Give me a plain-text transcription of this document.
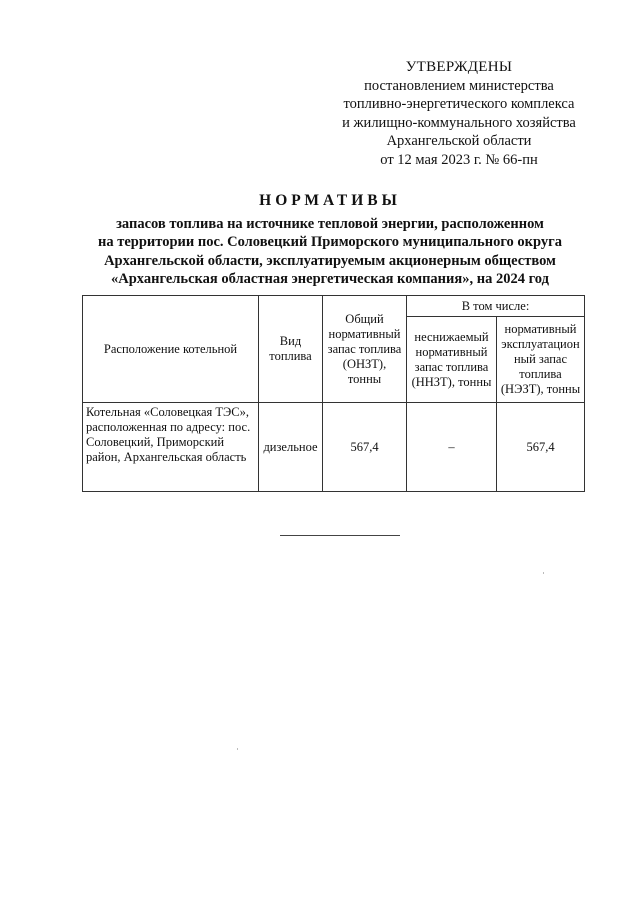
УТВЕРЖДЕНЫ
постановлением министерства
топливно-энергетического комплекса
и жилищно-коммунального хозяйства
Архангельской области
от 12 мая 2023 г. № 66-пн
НОРМАТИВЫ
запасов топлива на источнике тепловой энергии, расположенном
на территории пос. Соловецкий Приморского муниципального округа
Архангельской области, эксплуатируемым акционерным обществом
«Архангельская областная энергетическая компания», на 2024 год
Расположение котельной	Вид топлива	Общий нормативный запас топлива (ОНЗТ), тонны	В том числе:	
			неснижаемый нормативный запас топлива (ННЗТ), тонны	нормативный эксплуатацион ный запас топлива (НЭЗТ), тонны
Котельная «Соловецкая ТЭС», расположенная по адресу: пос. Соловецкий, Приморский район, Архангельская область	дизельное	567,4	–	567,4
